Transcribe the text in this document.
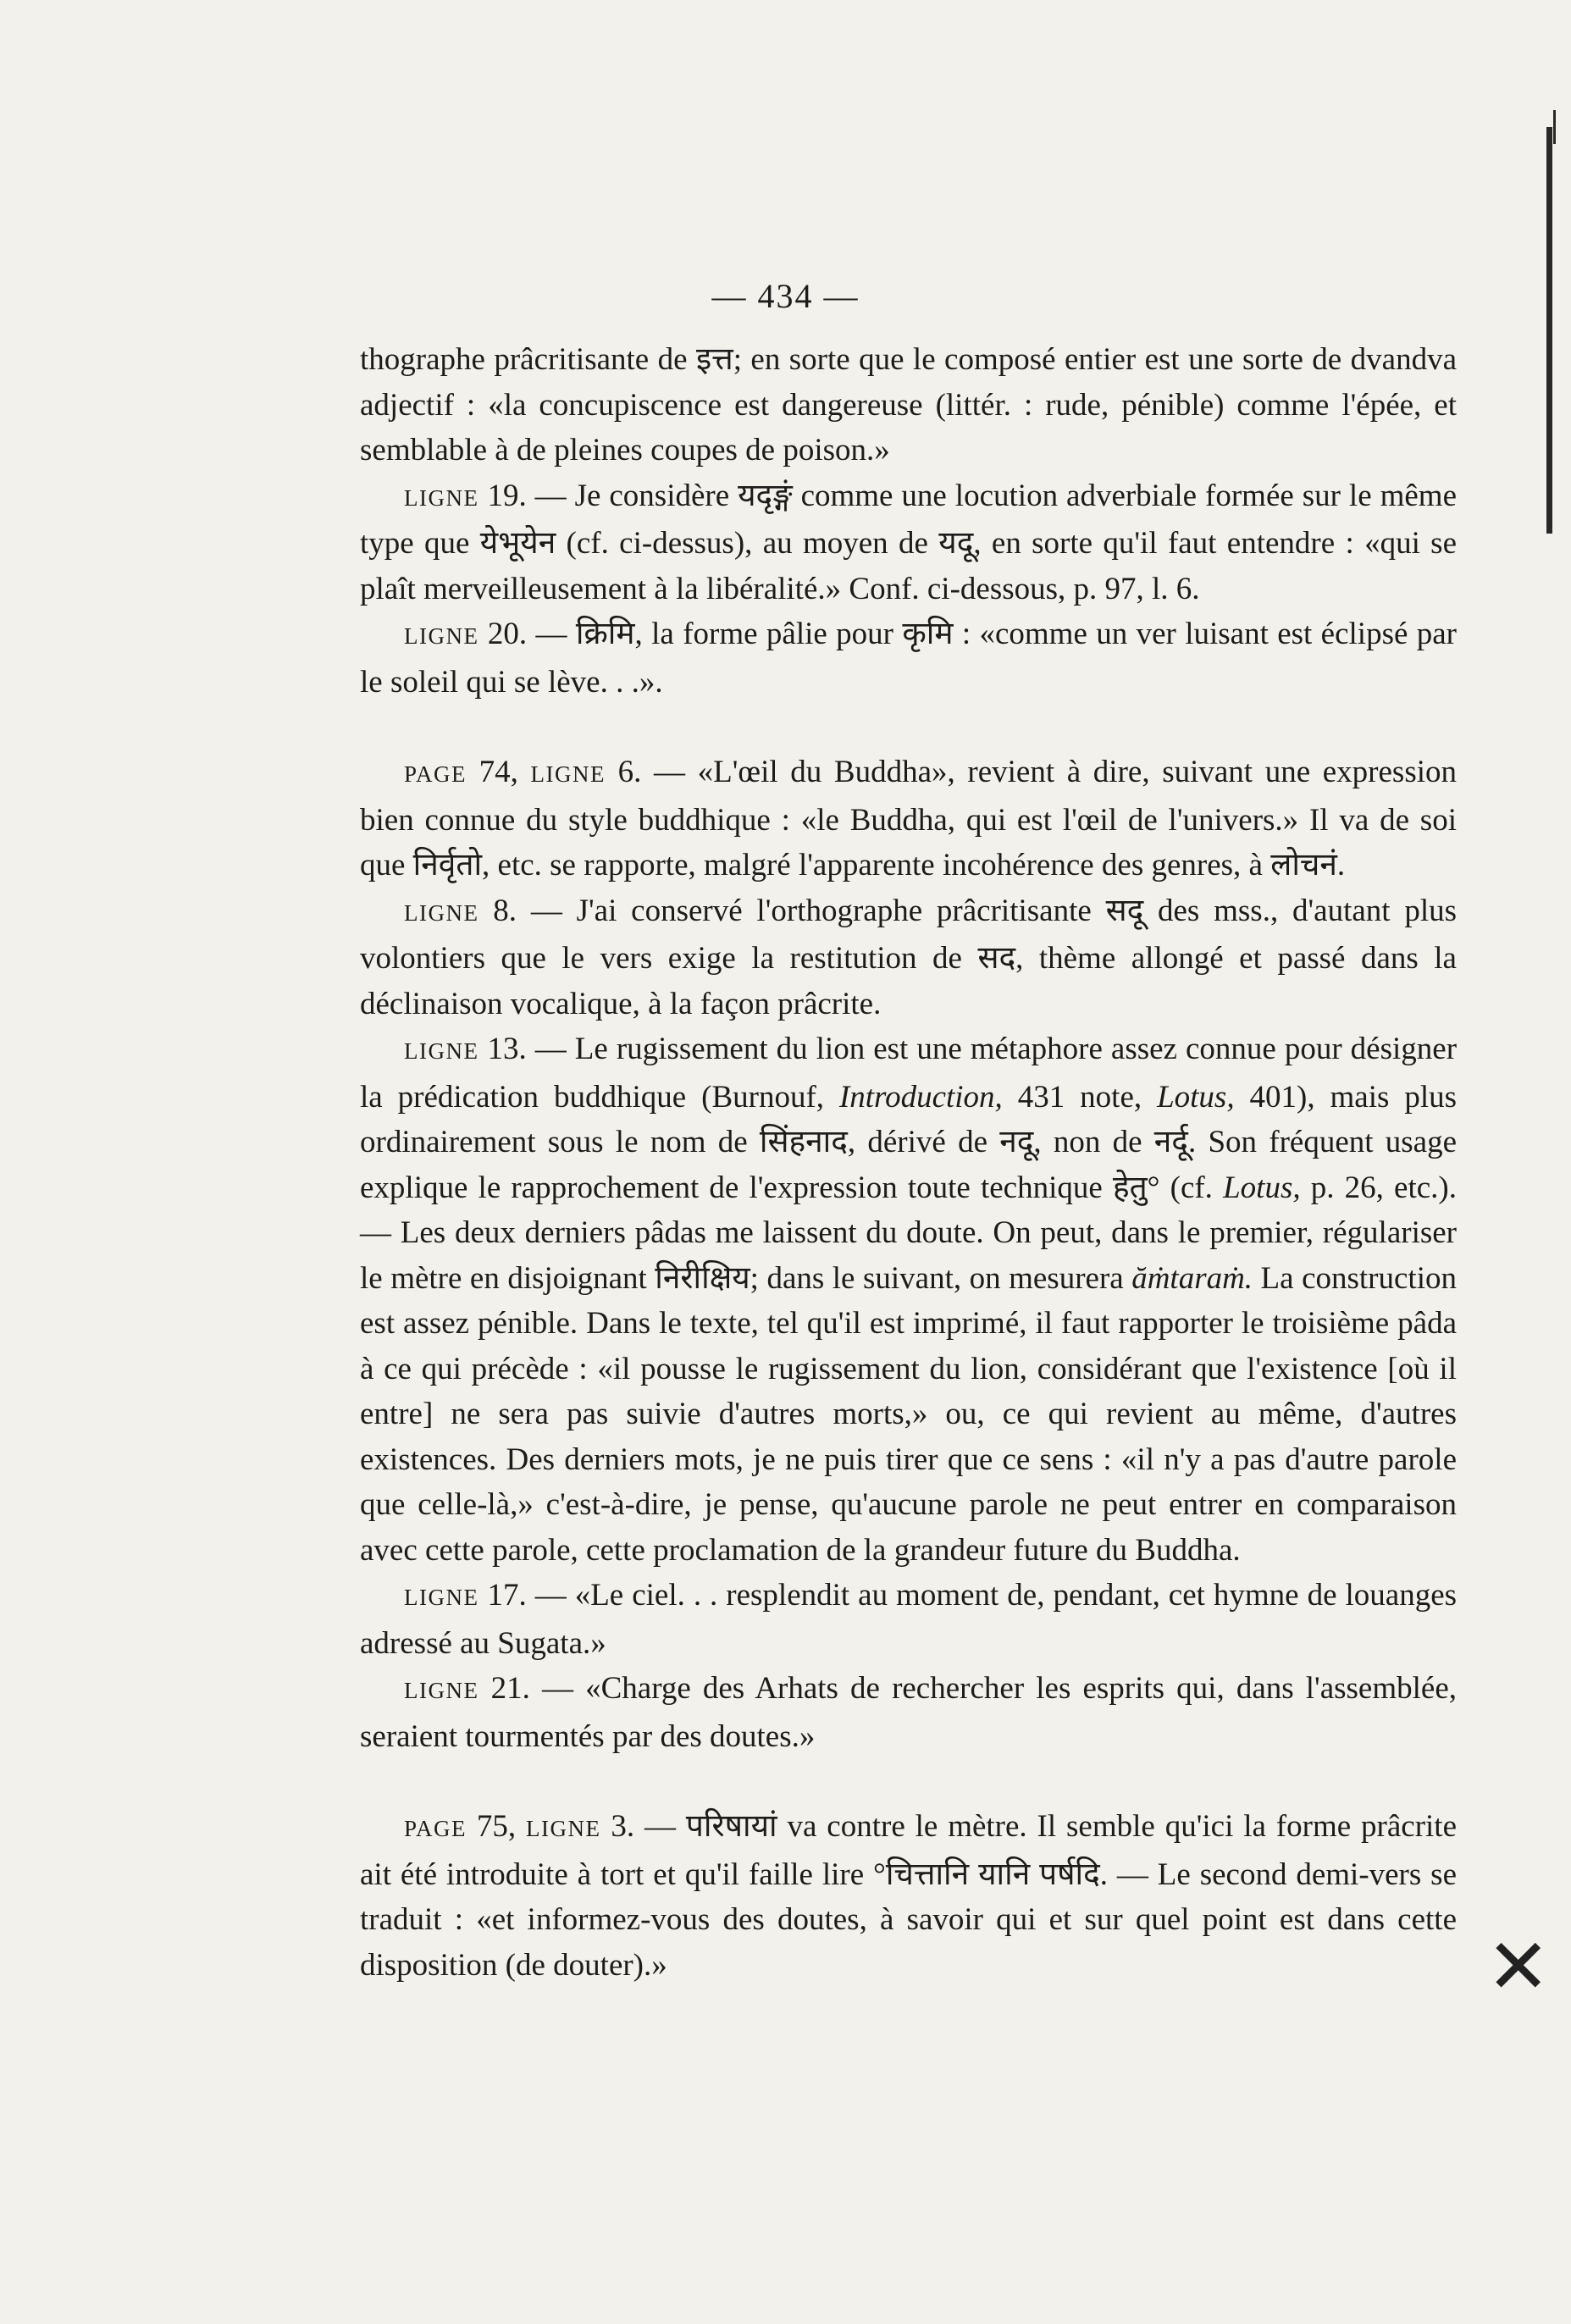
— 434 —

thographe prâcritisante de इत्त; en sorte que le composé entier est une sorte de dvandva adjectif : «la concupiscence est dangereuse (littér. : rude, pénible) comme l'épée, et semblable à de pleines coupes de poison.»

LIGNE 19. — Je considère यदृङ्गं comme une locution adverbiale formée sur le même type que येभूयेन (cf. ci-dessus), au moyen de यदू, en sorte qu'il faut entendre : «qui se plaît merveilleusement à la libéralité.» Conf. ci-dessous, p. 97, l. 6.

LIGNE 20. — क्रिमि, la forme pâlie pour कृमि : «comme un ver luisant est éclipsé par le soleil qui se lève. . .».

PAGE 74, LIGNE 6. — «L'œil du Buddha», revient à dire, suivant une expression bien connue du style buddhique : «le Buddha, qui est l'œil de l'univers.» Il va de soi que निर्वृतो, etc. se rapporte, malgré l'apparente incohérence des genres, à लोचनं.

LIGNE 8. — J'ai conservé l'orthographe prâcritisante सदू des mss., d'autant plus volontiers que le vers exige la restitution de सद, thème allongé et passé dans la déclinaison vocalique, à la façon prâcrite.

LIGNE 13. — Le rugissement du lion est une métaphore assez connue pour désigner la prédication buddhique (Burnouf, Introduction, 431 note, Lotus, 401), mais plus ordinairement sous le nom de सिंहनाद, dérivé de नदू, non de नर्दू. Son fréquent usage explique le rapprochement de l'expression toute technique हेतु° (cf. Lotus, p. 26, etc.). — Les deux derniers pâdas me laissent du doute. On peut, dans le premier, régulariser le mètre en disjoignant निरीक्षिय; dans le suivant, on mesurera ăṁtaraṁ. La construction est assez pénible. Dans le texte, tel qu'il est imprimé, il faut rapporter le troisième pâda à ce qui précède : «il pousse le rugissement du lion, considérant que l'existence [où il entre] ne sera pas suivie d'autres morts,» ou, ce qui revient au même, d'autres existences. Des derniers mots, je ne puis tirer que ce sens : «il n'y a pas d'autre parole que celle-là,» c'est-à-dire, je pense, qu'aucune parole ne peut entrer en comparaison avec cette parole, cette proclamation de la grandeur future du Buddha.

LIGNE 17. — «Le ciel. . . resplendit au moment de, pendant, cet hymne de louanges adressé au Sugata.»

LIGNE 21. — «Charge des Arhats de rechercher les esprits qui, dans l'assemblée, seraient tourmentés par des doutes.»

PAGE 75, LIGNE 3. — परिषायां va contre le mètre. Il semble qu'ici la forme prâcrite ait été introduite à tort et qu'il faille lire °चित्तानि यानि पर्षदि. — Le second demi-vers se traduit : «et informez-vous des doutes, à savoir qui et sur quel point est dans cette disposition (de douter).»	✕
